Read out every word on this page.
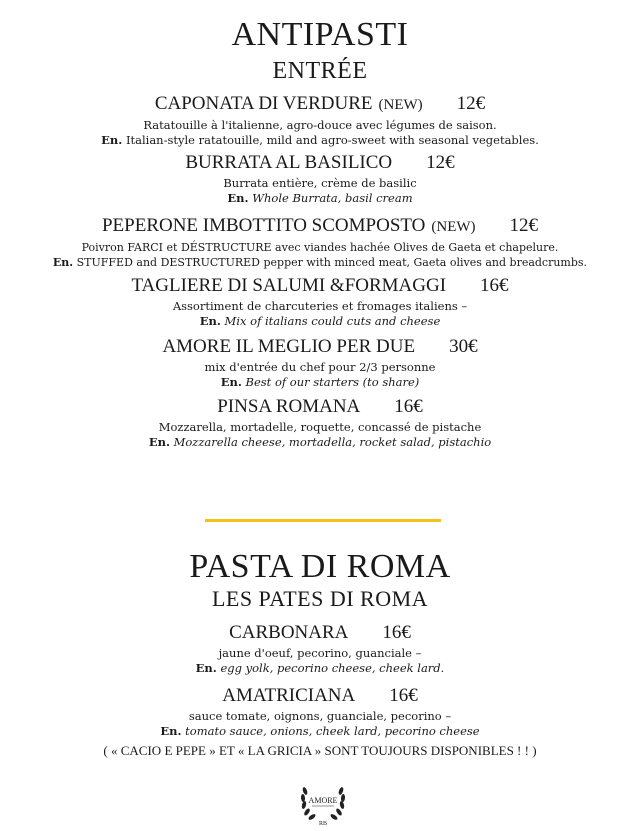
ANTIPASTI
ENTRÉE
CAPONATA DI VERDURE (NEW) 12€
Ratatouille à l'italienne, agro-douce avec légumes de saison.
En. Italian-style ratatouille, mild and agro-sweet with seasonal vegetables.
BURRATA AL BASILICO 12€
Burrata entière, crème de basilic
En. Whole Burrata, basil cream
PEPERONE IMBOTTITO SCOMPOSTO (NEW) 12€
Poivron FARCI et DÉSTRUCTURE avec viandes hachée Olives de Gaeta et chapelure.
En. STUFFED and DESTRUCTURED pepper with minced meat, Gaeta olives and breadcrumbs.
TAGLIERE DI SALUMI &FORMAGGI 16€
Assortiment de charcuteries et fromages italiens –
En. Mix of italians could cuts and cheese
AMORE IL MEGLIO PER DUE 30€
mix d'entrée du chef pour 2/3 personne
En. Best of our starters (to share)
PINSA ROMANA 16€
Mozzarella, mortadelle, roquette, concassé de pistache
En. Mozzarella cheese, mortadella, rocket salad, pistachio
PASTA DI ROMA
LES PATES DI ROMA
CARBONARA 16€
jaune d'oeuf, pecorino, guanciale –
En. egg yolk, pecorino cheese, cheek lard.
AMATRICIANA 16€
sauce tomate, oignons, guanciale, pecorino –
En. tomato sauce, onions, cheek lard, pecorino cheese
( « CACIO E PEPE » ET « LA GRICIA » SONT TOUJOURS DISPONIBLES ! ! )
AMORE
RB
